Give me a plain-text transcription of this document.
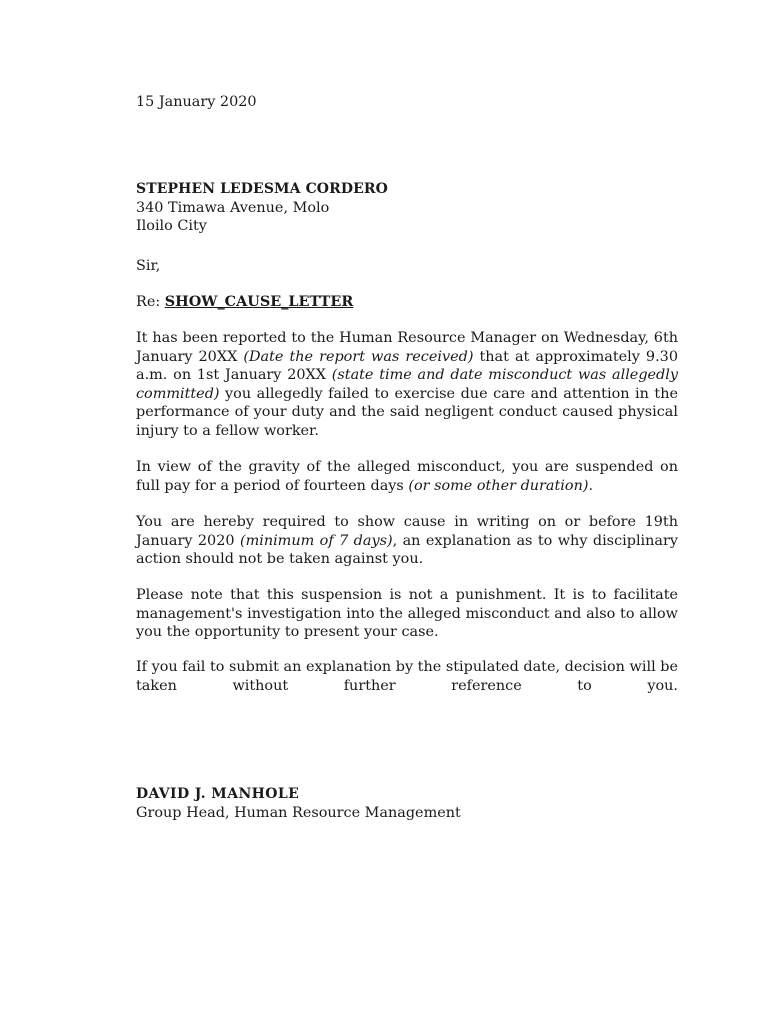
15 January 2020
STEPHEN LEDESMA CORDERO
340 Timawa Avenue, Molo
Iloilo City
Sir,
Re: SHOW_CAUSE_LETTER
It has been reported to the Human Resource Manager on Wednesday, 6th January 20XX (Date the report was received) that at approximately 9.30 a.m. on 1st January 20XX (state time and date misconduct was allegedly committed) you allegedly failed to exercise due care and attention in the performance of your duty and the said negligent conduct caused physical injury to a fellow worker.
In view of the gravity of the alleged misconduct, you are suspended on full pay for a period of fourteen days (or some other duration).
You are hereby required to show cause in writing on or before 19th January 2020 (minimum of 7 days), an explanation as to why disciplinary action should not be taken against you.
Please note that this suspension is not a punishment. It is to facilitate management's investigation into the alleged misconduct and also to allow you the opportunity to present your case.
If you fail to submit an explanation by the stipulated date, decision will be taken without further reference to you.
DAVID J. MANHOLE
Group Head, Human Resource Management
